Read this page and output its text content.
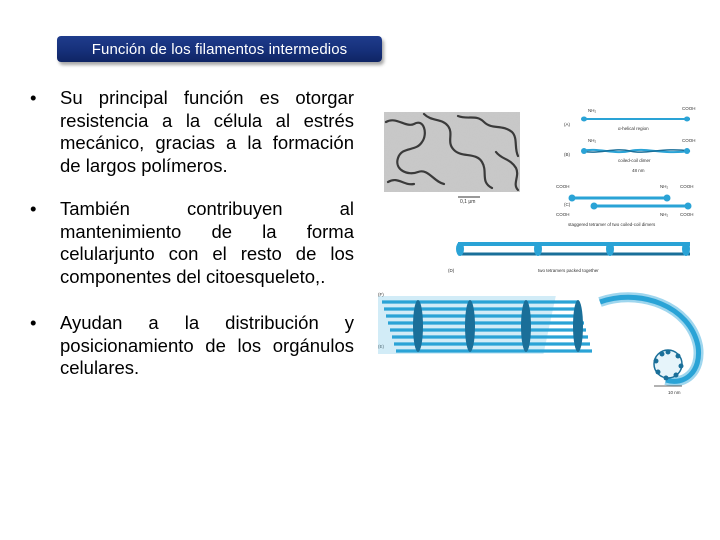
Función de los filamentos intermedios
• Su principal función es otorgar resistencia a la célula al estrés mecánico, gracias a la formación de largos polímeros.
• También contribuyen al mantenimiento de la forma celularjunto con el resto de los componentes del citoesqueleto,.
• Ayudan a la distribución y posicionamiento de los orgánulos celulares.
0,1 μm
(A)
NH₂	COOH
α-helical region
(B)
NH₂	COOH
coiled-coil dimer
48 nm
(C)
COOH
COOH
NH₂
NH₂
COOH
COOH
staggered tetramer of two coiled-coil dimers
(D)	two tetramers packed together
(E)
10 nm
(F)
